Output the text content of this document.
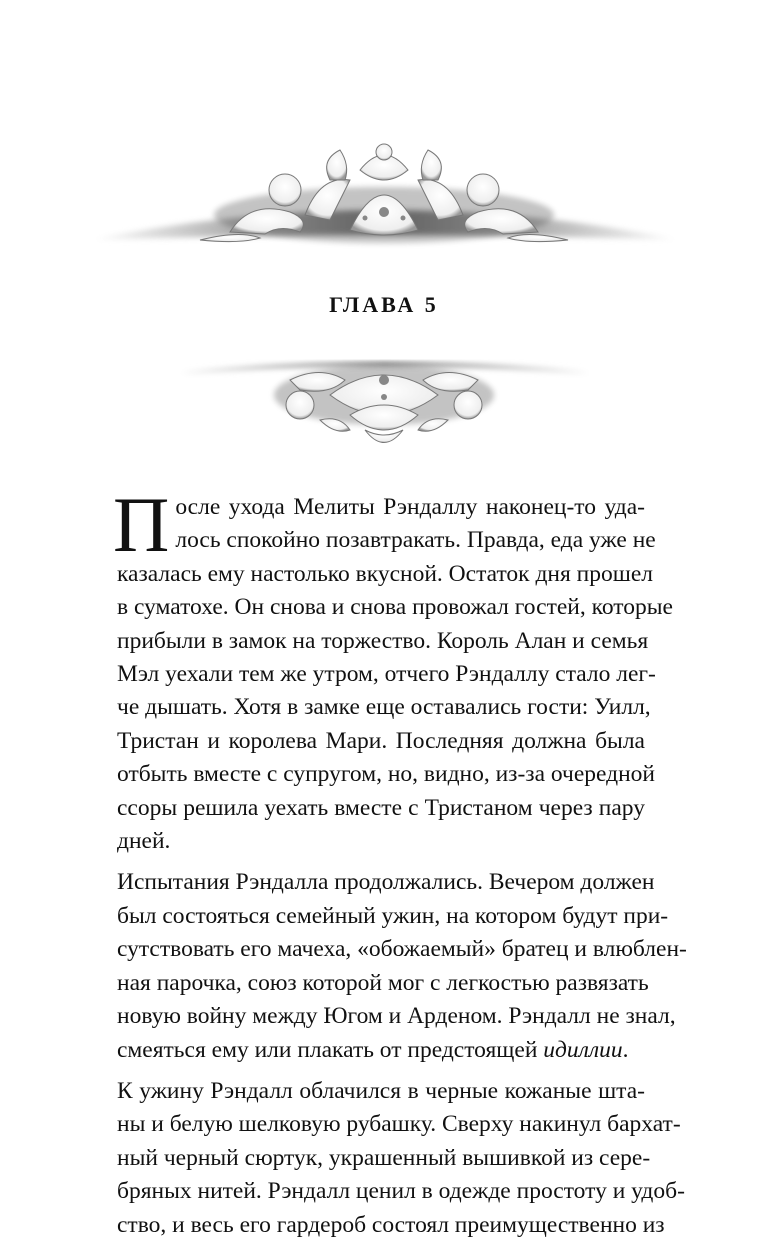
ГЛАВА 5

П осле ухода Мелиты Рэндаллу наконец-то уда-
лось спокойно позавтракать. Правда, еда уже не
казалась ему настолько вкусной. Остаток дня прошел
в суматохе. Он снова и снова провожал гостей, которые
прибыли в замок на торжество. Король Алан и семья
Мэл уехали тем же утром, отчего Рэндаллу стало лег-
че дышать. Хотя в замке еще оставались гости: Уилл,
Тристан и королева Мари. Последняя должна была
отбыть вместе с супругом, но, видно, из-за очередной
ссоры решила уехать вместе с Тристаном через пару
дней.

Испытания Рэндалла продолжались. Вечером должен
был состояться семейный ужин, на котором будут при-
сутствовать его мачеха, «обожаемый» братец и влюблен-
ная парочка, союз которой мог с легкостью развязать
новую войну между Югом и Арденом. Рэндалл не знал,
смеяться ему или плакать от предстоящей идиллии.

К ужину Рэндалл облачился в черные кожаные шта-
ны и белую шелковую рубашку. Сверху накинул бархат-
ный черный сюртук, украшенный вышивкой из сере-
бряных нитей. Рэндалл ценил в одежде простоту и удоб-
ство, и весь его гардероб состоял преимущественно из
